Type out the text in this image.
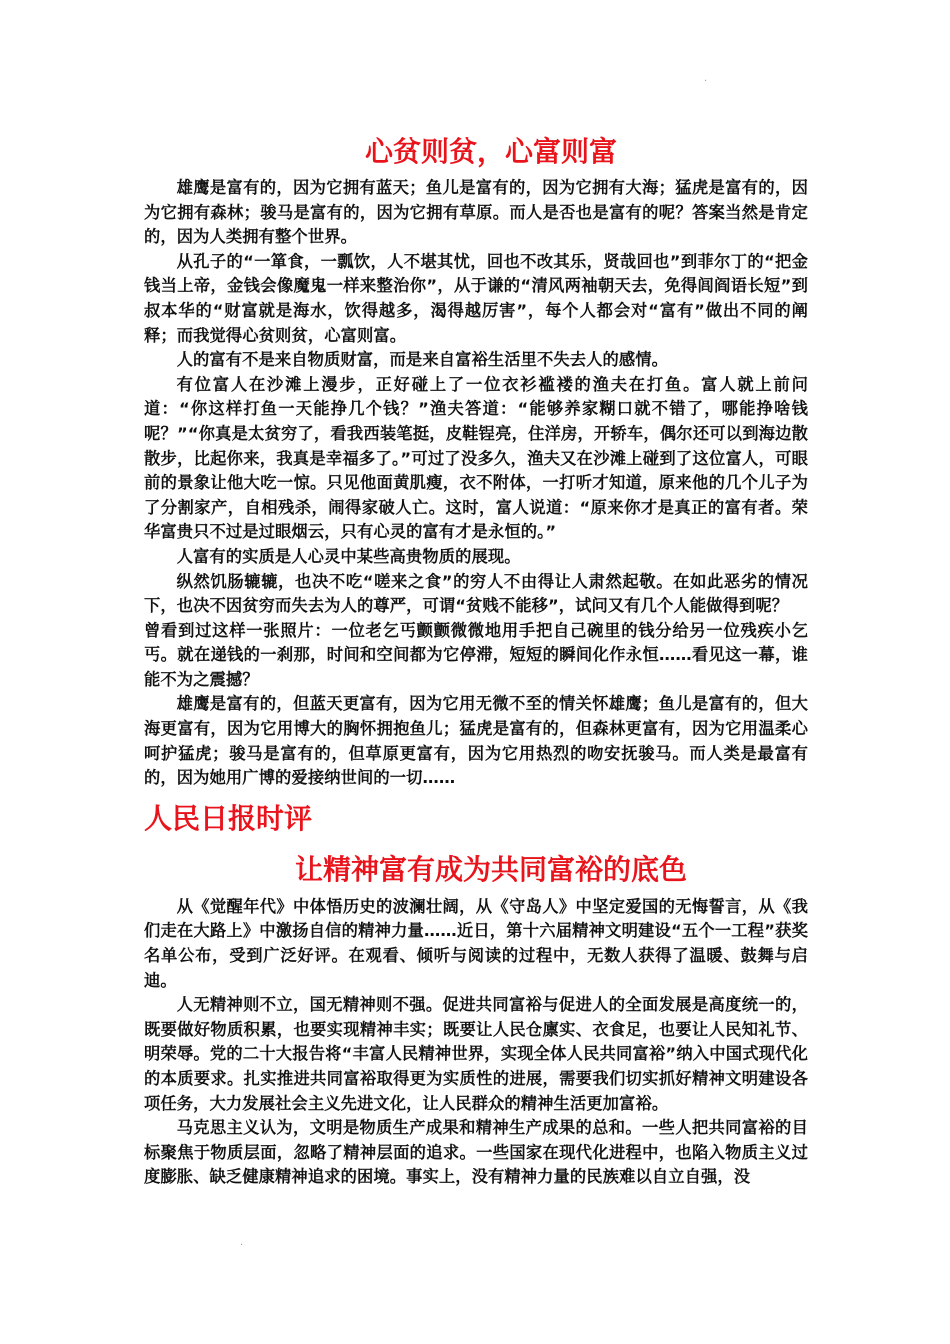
·
心贫则贫，心富则富

雄鹰是富有的，因为它拥有蓝天；鱼儿是富有的，因为它拥有大海；猛虎是富有的，因为它拥有森林；骏马是富有的，因为它拥有草原。而人是否也是富有的呢？答案当然是肯定的，因为人类拥有整个世界。

从孔子的“一箪食，一瓢饮，人不堪其忧，回也不改其乐，贤哉回也”到菲尔丁的“把金钱当上帝，金钱会像魔鬼一样来整治你”，从于谦的“清风两袖朝天去，免得闾阎语长短”到叔本华的“财富就是海水，饮得越多，渴得越厉害”，每个人都会对“富有”做出不同的阐释；而我觉得心贫则贫，心富则富。

人的富有不是来自物质财富，而是来自富裕生活里不失去人的感情。

有位富人在沙滩上漫步，正好碰上了一位衣衫褴褛的渔夫在打鱼。富人就上前问道：“你这样打鱼一天能挣几个钱？”渔夫答道：“能够养家糊口就不错了，哪能挣啥钱呢？”“你真是太贫穷了，看我西装笔挺，皮鞋锃亮，住洋房，开轿车，偶尔还可以到海边散散步，比起你来，我真是幸福多了。”可过了没多久，渔夫又在沙滩上碰到了这位富人，可眼前的景象让他大吃一惊。只见他面黄肌瘦，衣不附体，一打听才知道，原来他的几个儿子为了分割家产，自相残杀，闹得家破人亡。这时，富人说道：“原来你才是真正的富有者。荣华富贵只不过是过眼烟云，只有心灵的富有才是永恒的。”

人富有的实质是人心灵中某些高贵物质的展现。

纵然饥肠辘辘，也决不吃“嗟来之食”的穷人不由得让人肃然起敬。在如此恶劣的情况下，也决不因贫穷而失去为人的尊严，可谓“贫贱不能移”，试问又有几个人能做得到呢？

曾看到过这样一张照片：一位老乞丐颤颤微微地用手把自己碗里的钱分给另一位残疾小乞丐。就在递钱的一刹那，时间和空间都为它停滞，短短的瞬间化作永恒……看见这一幕，谁能不为之震撼？

雄鹰是富有的，但蓝天更富有，因为它用无微不至的情关怀雄鹰；鱼儿是富有的，但大海更富有，因为它用博大的胸怀拥抱鱼儿；猛虎是富有的，但森林更富有，因为它用温柔心呵护猛虎；骏马是富有的，但草原更富有，因为它用热烈的吻安抚骏马。而人类是最富有的，因为她用广博的爱接纳世间的一切……

人民日报时评
让精神富有成为共同富裕的底色

从《觉醒年代》中体悟历史的波澜壮阔，从《守岛人》中坚定爱国的无悔誓言，从《我们走在大路上》中激扬自信的精神力量……近日，第十六届精神文明建设“五个一工程”获奖名单公布，受到广泛好评。在观看、倾听与阅读的过程中，无数人获得了温暖、鼓舞与启迪。

人无精神则不立，国无精神则不强。促进共同富裕与促进人的全面发展是高度统一的，既要做好物质积累，也要实现精神丰实；既要让人民仓廪实、衣食足，也要让人民知礼节、明荣辱。党的二十大报告将“丰富人民精神世界，实现全体人民共同富裕”纳入中国式现代化的本质要求。扎实推进共同富裕取得更为实质性的进展，需要我们切实抓好精神文明建设各项任务，大力发展社会主义先进文化，让人民群众的精神生活更加富裕。

马克思主义认为，文明是物质生产成果和精神生产成果的总和。一些人把共同富裕的目标聚焦于物质层面，忽略了精神层面的追求。一些国家在现代化进程中，也陷入物质主义过度膨胀、缺乏健康精神追求的困境。事实上，没有精神力量的民族难以自立自强，没

·
